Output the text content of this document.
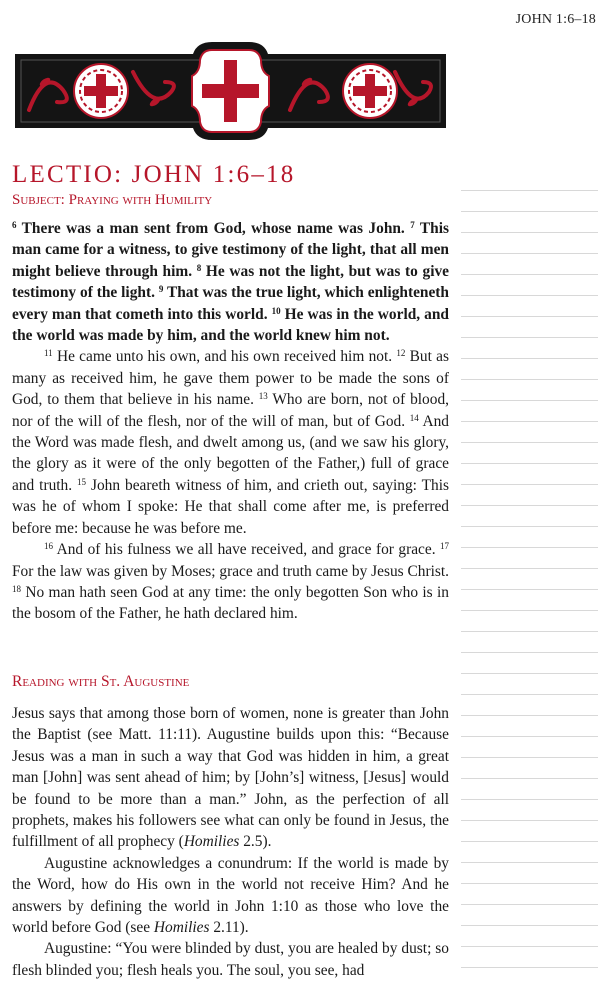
JOHN 1:6–18
LECTIO: JOHN 1:6–18
Subject: Praying with Humility

$^6$ There was a man sent from God, whose name was John. $^7$ This man came for a witness, to give testimony of the light, that all men might believe through him. $^8$ He was not the light, but was to give testimony of the light. $^9$ That was the true light, which enlighteneth every man that cometh into this world. $^{10}$ He was in the world, and the world was made by him, and the world knew him not.

$^{11}$ He came unto his own, and his own received him not. $^{12}$ But as many as received him, he gave them power to be made the sons of God, to them that believe in his name. $^{13}$ Who are born, not of blood, nor of the will of the flesh, nor of the will of man, but of God. $^{14}$ And the Word was made flesh, and dwelt among us, (and we saw his glory, the glory as it were of the only begotten of the Father,) full of grace and truth. $^{15}$ John beareth witness of him, and crieth out, saying: This was he of whom I spoke: He that shall come after me, is preferred before me: because he was before me.

$^{16}$ And of his fulness we all have received, and grace for grace. $^{17}$ For the law was given by Moses; grace and truth came by Jesus Christ. $^{18}$ No man hath seen God at any time: the only begotten Son who is in the bosom of the Father, he hath declared him.

Reading with St. Augustine

Jesus says that among those born of women, none is greater than John the Baptist (see Matt. 11:11). Augustine builds upon this: “Because Jesus was a man in such a way that God was hidden in him, a great man [John] was sent ahead of him; by [John’s] witness, [Jesus] would be found to be more than a man.” John, as the perfection of all prophets, makes his followers see what can only be found in Jesus, the fulfillment of all prophecy (Homilies 2.5).

Augustine acknowledges a conundrum: If the world is made by the Word, how do His own in the world not receive Him? And he answers by defining the world in John 1:10 as those who love the world before God (see Homilies 2.11).

Augustine: “You were blinded by dust, you are healed by dust; so flesh blinded you; flesh heals you. The soul, you see, had
